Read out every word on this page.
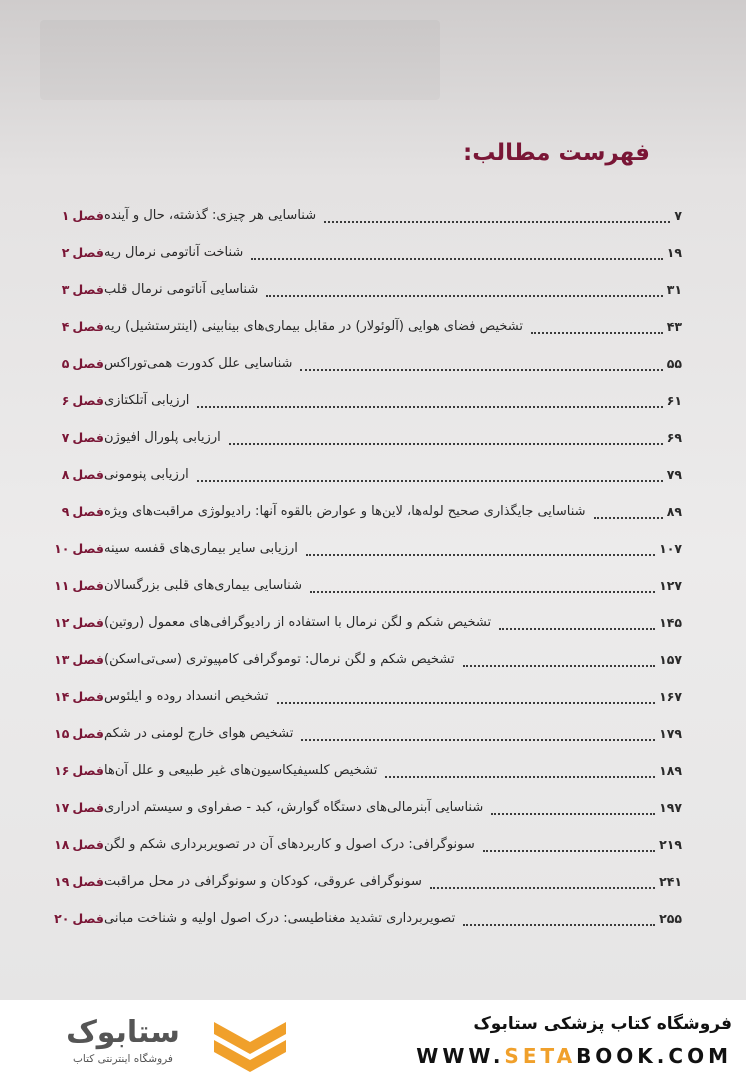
فهرست مطالب:
فصل۱	شناسایی هر چیزی: گذشته، حال و آینده	۷
فصل۲	شناخت آناتومی نرمال ریه	۱۹
فصل۳	شناسایی آناتومی نرمال قلب	۳۱
فصل۴	تشخیص فضای هوایی (آلوئولار) در مقابل بیماری‌های بینابینی (اینترستشیل) ریه	۴۳
فصل۵	شناسایی علل کدورت همی‌توراکس	۵۵
فصل۶	ارزیابی آتلکتازی	۶۱
فصل۷	ارزیابی پلورال افیوژن	۶۹
فصل۸	ارزیابی پنومونی	۷۹
فصل۹	شناسایی جایگذاری صحیح لوله‌ها، لاین‌ها و عوارض بالقوه آنها: رادیولوژی مراقبت‌های ویژه	۸۹
فصل۱۰	ارزیابی سایر بیماری‌های قفسه سینه	۱۰۷
فصل۱۱	شناسایی بیماری‌های قلبی بزرگسالان	۱۲۷
فصل۱۲	تشخیص شکم و لگن نرمال با استفاده از رادیوگرافی‌های معمول (روتین)	۱۴۵
فصل۱۳	تشخیص شکم و لگن نرمال: توموگرافی کامپیوتری (سی‌تی‌اسکن)	۱۵۷
فصل۱۴	تشخیص انسداد روده و ایلئوس	۱۶۷
فصل۱۵	تشخیص هوای خارج لومنی در شکم	۱۷۹
فصل۱۶	تشخیص کلسیفیکاسیون‌های غیر طبیعی و علل آن‌ها	۱۸۹
فصل۱۷	شناسایی آبنرمالی‌های دستگاه گوارش، کبد - صفراوی و سیستم ادراری	۱۹۷
فصل۱۸	سونوگرافی: درک اصول و کاربردهای آن در تصویربرداری شکم و لگن	۲۱۹
فصل۱۹	سونوگرافی عروقی، کودکان و سونوگرافی در محل مراقبت	۲۴۱
فصل۲۰	تصویربرداری تشدید مغناطیسی: درک اصول اولیه و شناخت مبانی	۲۵۵
ستابوک
فروشگاه اینترنتی کتاب
فروشگاه کتاب پزشکی ستابوک
WWW.SETABOOK.COM
